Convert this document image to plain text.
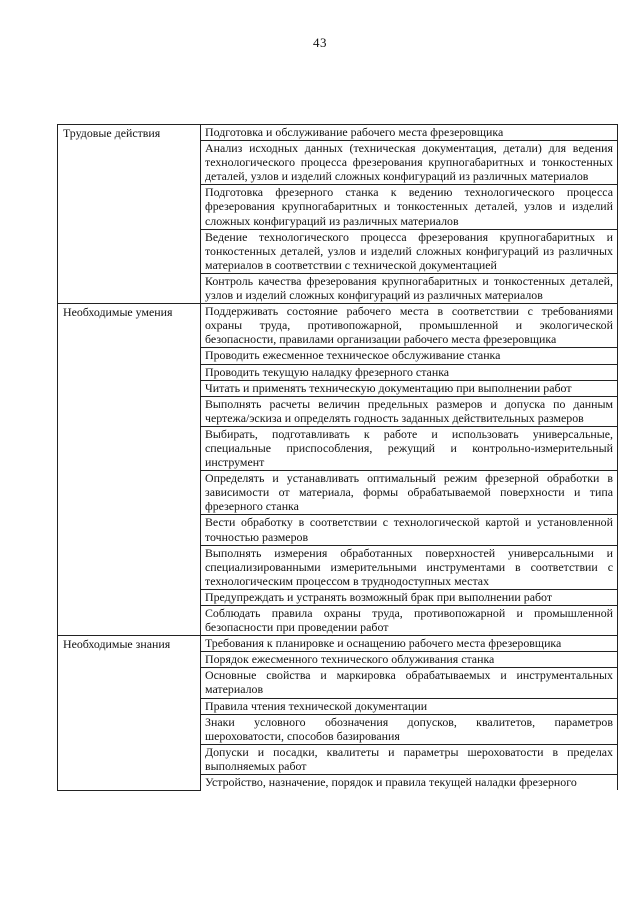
43
Трудовые действия	Подготовка и обслуживание рабочего места фрезеровщика
	Анализ исходных данных (техническая документация, детали) для ведения технологического процесса фрезерования крупногабаритных и тонкостенных деталей, узлов и изделий сложных конфигураций из различных материалов
	Подготовка фрезерного станка к ведению технологического процесса фрезерования крупногабаритных и тонкостенных деталей, узлов и изделий сложных конфигураций из различных материалов
	Ведение технологического процесса фрезерования крупногабаритных и тонкостенных деталей, узлов и изделий сложных конфигураций из различных материалов в соответствии с технической документацией
	Контроль качества фрезерования крупногабаритных и тонкостенных деталей, узлов и изделий сложных конфигураций из различных материалов
Необходимые умения	Поддерживать состояние рабочего места в соответствии с требованиями охраны труда, противопожарной, промышленной и экологической безопасности, правилами организации рабочего места фрезеровщика
	Проводить ежесменное техническое обслуживание станка
	Проводить текущую наладку фрезерного станка
	Читать и применять техническую документацию при выполнении работ
	Выполнять расчеты величин предельных размеров и допуска по данным чертежа/эскиза и определять годность заданных действительных размеров
	Выбирать, подготавливать к работе и использовать универсальные, специальные приспособления, режущий и контрольно-измерительный инструмент
	Определять и устанавливать оптимальный режим фрезерной обработки в зависимости от материала, формы обрабатываемой поверхности и типа фрезерного станка
	Вести обработку в соответствии с технологической картой и установленной точностью размеров
	Выполнять измерения обработанных поверхностей универсальными и специализированными измерительными инструментами в соответствии с технологическим процессом в труднодоступных местах
	Предупреждать и устранять возможный брак при выполнении работ
	Соблюдать правила охраны труда, противопожарной и промышленной безопасности при проведении работ
Необходимые знания	Требования к планировке и оснащению рабочего места фрезеровщика
	Порядок ежесменного технического облуживания станка
	Основные свойства и маркировка обрабатываемых и инструментальных материалов
	Правила чтения технической документации
	Знаки условного обозначения допусков, квалитетов, параметров шероховатости, способов базирования
	Допуски и посадки, квалитеты и параметры шероховатости в пределах выполняемых работ
	Устройство, назначение, порядок и правила текущей наладки фрезерного
